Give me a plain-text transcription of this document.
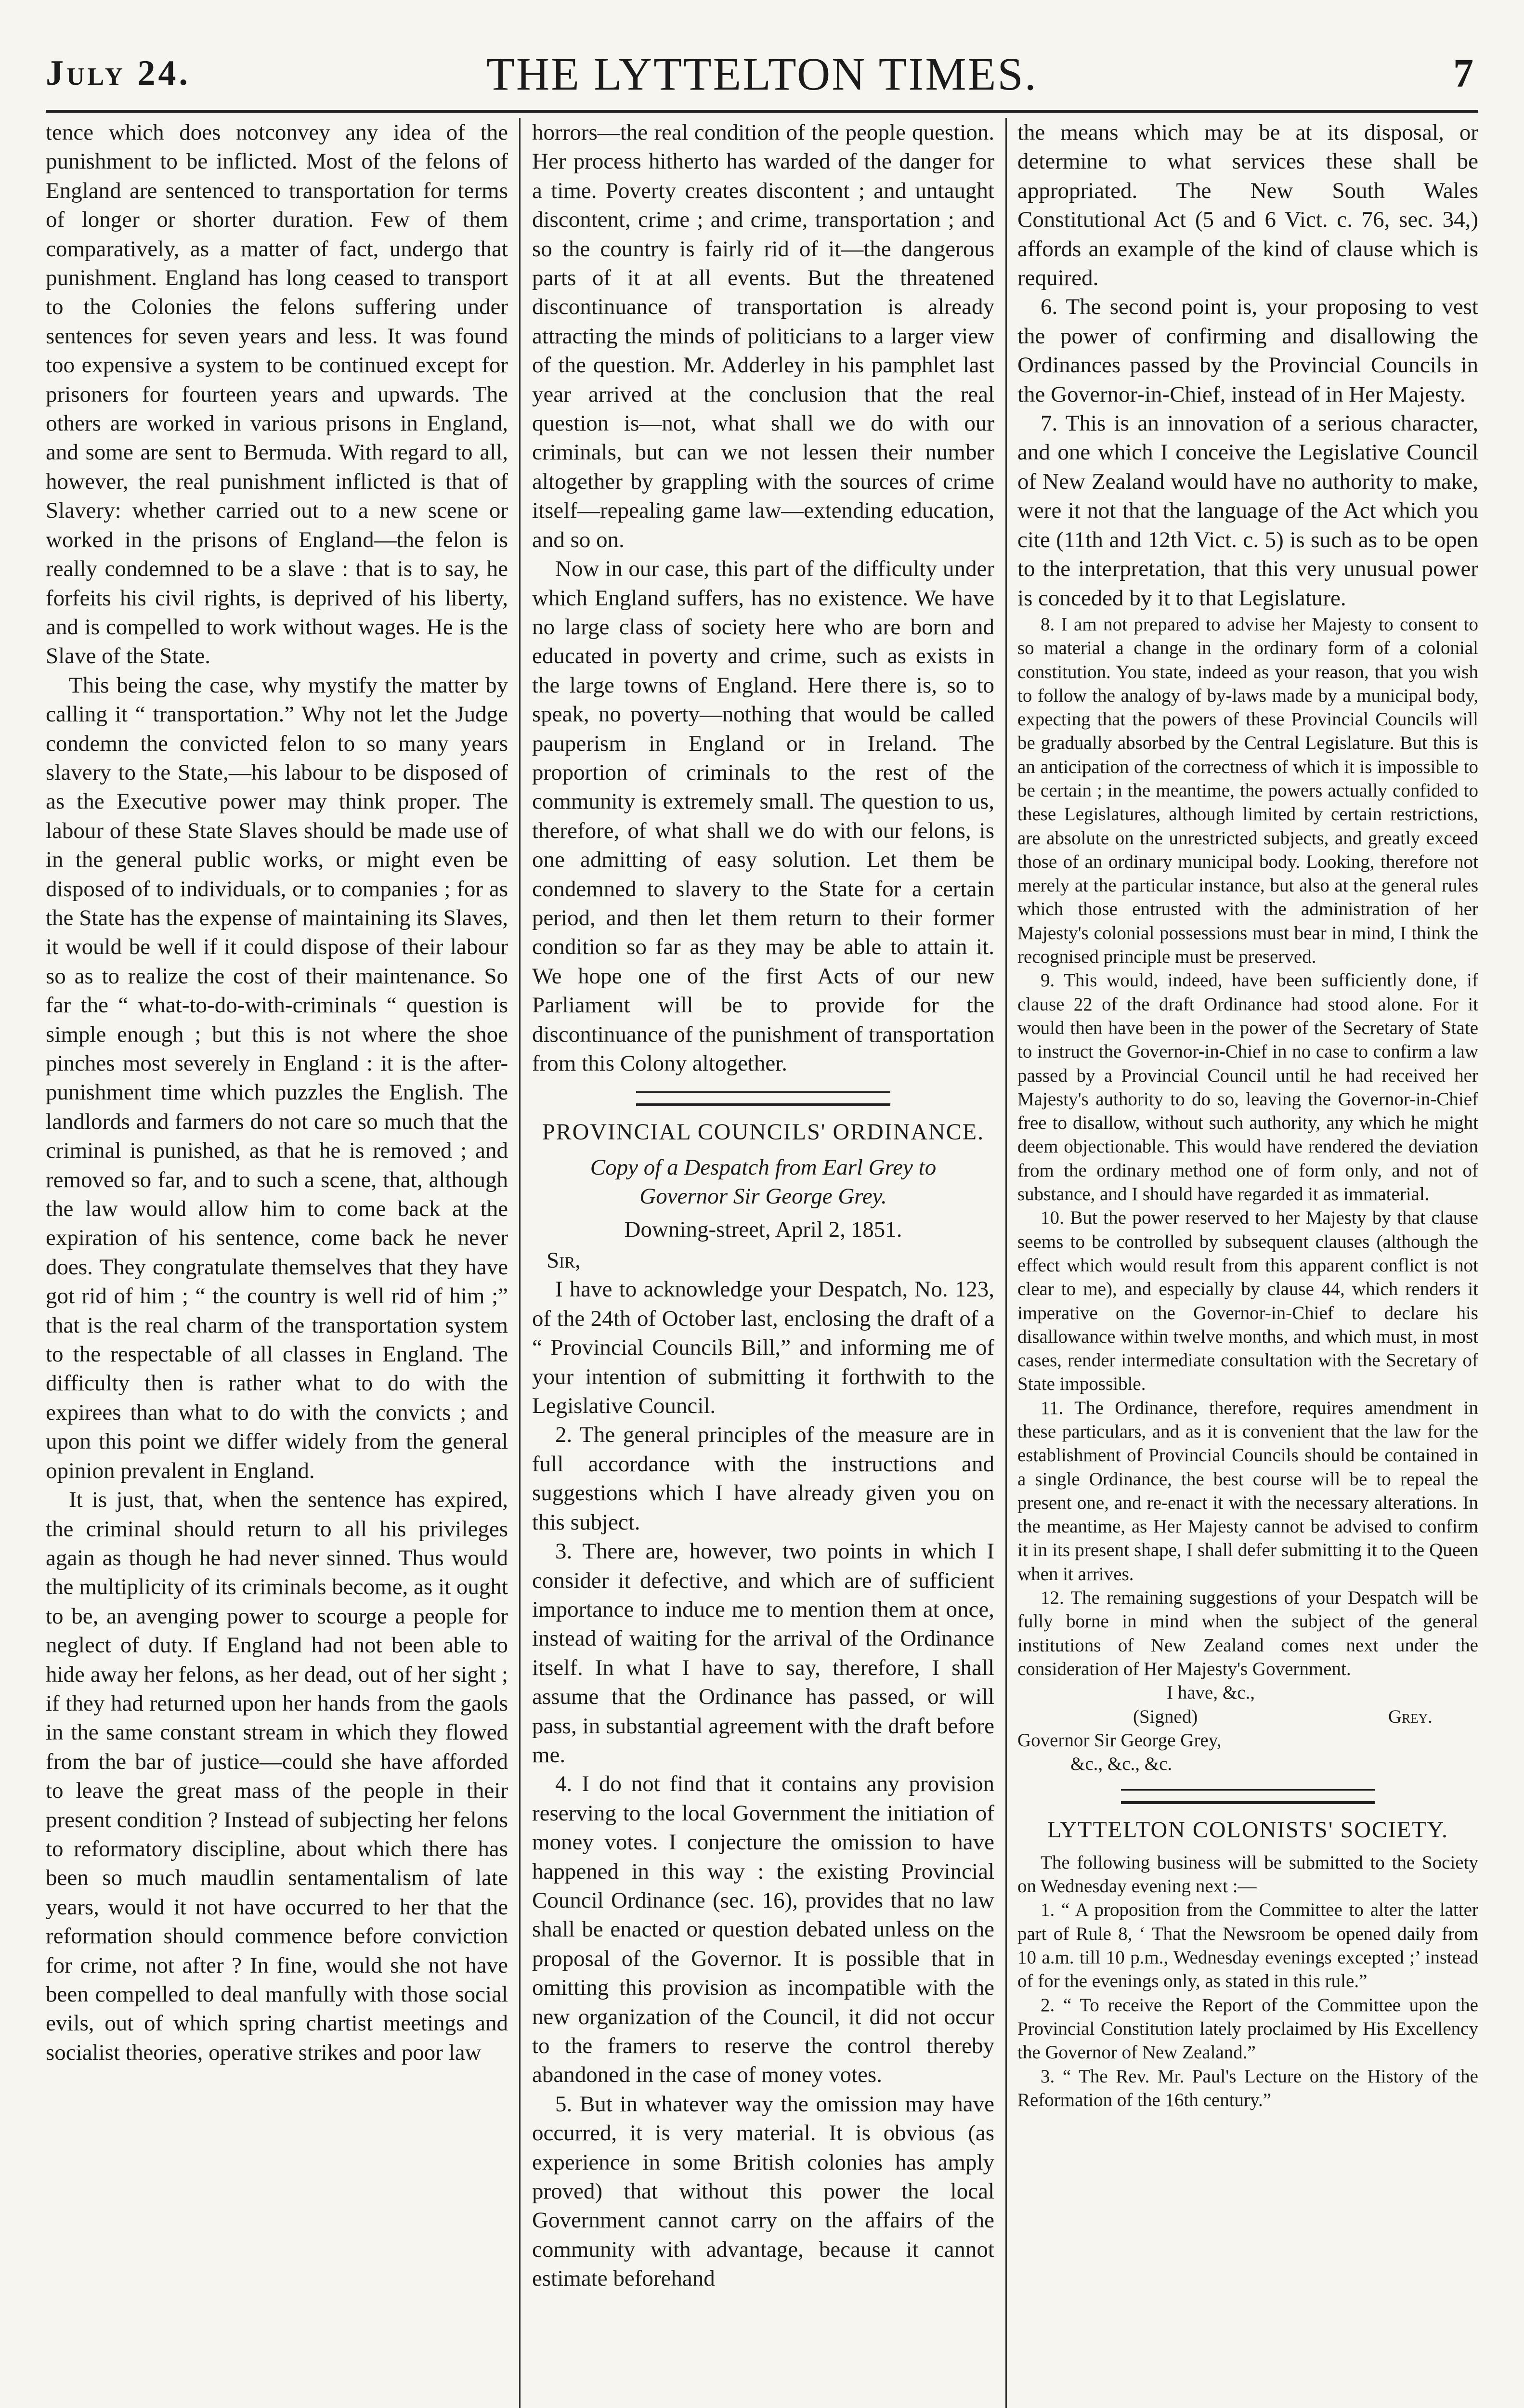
July 24.	THE LYTTELTON TIMES.	7

tence which does notconvey any idea of the punishment to be inflicted. Most of the felons of England are sentenced to transportation for terms of longer or shorter duration. Few of them comparatively, as a matter of fact, undergo that punishment. England has long ceased to transport to the Colonies the felons suffering under sentences for seven years and less. It was found too expensive a system to be continued except for prisoners for fourteen years and upwards. The others are worked in various prisons in England, and some are sent to Bermuda. With regard to all, however, the real punishment inflicted is that of Slavery: whether carried out to a new scene or worked in the prisons of England—the felon is really condemned to be a slave : that is to say, he forfeits his civil rights, is deprived of his liberty, and is compelled to work without wages. He is the Slave of the State.

This being the case, why mystify the matter by calling it “ transportation.” Why not let the Judge condemn the convicted felon to so many years slavery to the State,—his labour to be disposed of as the Executive power may think proper. The labour of these State Slaves should be made use of in the general public works, or might even be disposed of to individuals, or to companies ; for as the State has the expense of maintaining its Slaves, it would be well if it could dispose of their labour so as to realize the cost of their maintenance. So far the “ what-to-do-with-criminals “ question is simple enough ; but this is not where the shoe pinches most severely in England : it is the after-punishment time which puzzles the English. The landlords and farmers do not care so much that the criminal is punished, as that he is removed ; and removed so far, and to such a scene, that, although the law would allow him to come back at the expiration of his sentence, come back he never does. They congratulate themselves that they have got rid of him ; “ the country is well rid of him ;” that is the real charm of the transportation system to the respectable of all classes in England. The difficulty then is rather what to do with the expirees than what to do with the convicts ; and upon this point we differ widely from the general opinion prevalent in England.

It is just, that, when the sentence has expired, the criminal should return to all his privileges again as though he had never sinned. Thus would the multiplicity of its criminals become, as it ought to be, an avenging power to scourge a people for neglect of duty. If England had not been able to hide away her felons, as her dead, out of her sight ; if they had returned upon her hands from the gaols in the same constant stream in which they flowed from the bar of justice—could she have afforded to leave the great mass of the people in their present condition ? Instead of subjecting her felons to reformatory discipline, about which there has been so much maudlin sentamentalism of late years, would it not have occurred to her that the reformation should commence before conviction for crime, not after ? In fine, would she not have been compelled to deal manfully with those social evils, out of which spring chartist meetings and socialist theories, operative strikes and poor law

horrors—the real condition of the people question. Her process hitherto has warded of the danger for a time. Poverty creates discontent ; and untaught discontent, crime ; and crime, transportation ; and so the country is fairly rid of it—the dangerous parts of it at all events. But the threatened discontinuance of transportation is already attracting the minds of politicians to a larger view of the question. Mr. Adderley in his pamphlet last year arrived at the conclusion that the real question is—not, what shall we do with our criminals, but can we not lessen their number altogether by grappling with the sources of crime itself—repealing game law—extending education, and so on.

Now in our case, this part of the difficulty under which England suffers, has no existence. We have no large class of society here who are born and educated in poverty and crime, such as exists in the large towns of England. Here there is, so to speak, no poverty—nothing that would be called pauperism in England or in Ireland. The proportion of criminals to the rest of the community is extremely small. The question to us, therefore, of what shall we do with our felons, is one admitting of easy solution. Let them be condemned to slavery to the State for a certain period, and then let them return to their former condition so far as they may be able to attain it. We hope one of the first Acts of our new Parliament will be to provide for the discontinuance of the punishment of transportation from this Colony altogether.

PROVINCIAL COUNCILS' ORDINANCE.

Copy of a Despatch from Earl Grey to Governor Sir George Grey.

Downing-street, April 2, 1851.

Sir,

I have to acknowledge your Despatch, No. 123, of the 24th of October last, enclosing the draft of a “ Provincial Councils Bill,” and informing me of your intention of submitting it forthwith to the Legislative Council.

2. The general principles of the measure are in full accordance with the instructions and suggestions which I have already given you on this subject.

3. There are, however, two points in which I consider it defective, and which are of sufficient importance to induce me to mention them at once, instead of waiting for the arrival of the Ordinance itself. In what I have to say, therefore, I shall assume that the Ordinance has passed, or will pass, in substantial agreement with the draft before me.

4. I do not find that it contains any provision reserving to the local Government the initiation of money votes. I conjecture the omission to have happened in this way : the existing Provincial Council Ordinance (sec. 16), provides that no law shall be enacted or question debated unless on the proposal of the Governor. It is possible that in omitting this provision as incompatible with the new organization of the Council, it did not occur to the framers to reserve the control thereby abandoned in the case of money votes.

5. But in whatever way the omission may have occurred, it is very material. It is obvious (as experience in some British colonies has amply proved) that without this power the local Government cannot carry on the affairs of the community with advantage, because it cannot estimate beforehand

the means which may be at its disposal, or determine to what services these shall be appropriated. The New South Wales Constitutional Act (5 and 6 Vict. c. 76, sec. 34,) affords an example of the kind of clause which is required.

6. The second point is, your proposing to vest the power of confirming and disallowing the Ordinances passed by the Provincial Councils in the Governor-in-Chief, instead of in Her Majesty.

7. This is an innovation of a serious character, and one which I conceive the Legislative Council of New Zealand would have no authority to make, were it not that the language of the Act which you cite (11th and 12th Vict. c. 5) is such as to be open to the interpretation, that this very unusual power is conceded by it to that Legislature.

8. I am not prepared to advise her Majesty to consent to so material a change in the ordinary form of a colonial constitution. You state, indeed as your reason, that you wish to follow the analogy of by-laws made by a municipal body, expecting that the powers of these Provincial Councils will be gradually absorbed by the Central Legislature. But this is an anticipation of the correctness of which it is impossible to be certain ; in the meantime, the powers actually confided to these Legislatures, although limited by certain restrictions, are absolute on the unrestricted subjects, and greatly exceed those of an ordinary municipal body. Looking, therefore not merely at the particular instance, but also at the general rules which those entrusted with the administration of her Majesty's colonial possessions must bear in mind, I think the recognised principle must be preserved.

9. This would, indeed, have been sufficiently done, if clause 22 of the draft Ordinance had stood alone. For it would then have been in the power of the Secretary of State to instruct the Governor-in-Chief in no case to confirm a law passed by a Provincial Council until he had received her Majesty's authority to do so, leaving the Governor-in-Chief free to disallow, without such authority, any which he might deem objectionable. This would have rendered the deviation from the ordinary method one of form only, and not of substance, and I should have regarded it as immaterial.

10. But the power reserved to her Majesty by that clause seems to be controlled by subsequent clauses (although the effect which would result from this apparent conflict is not clear to me), and especially by clause 44, which renders it imperative on the Governor-in-Chief to declare his disallowance within twelve months, and which must, in most cases, render intermediate consultation with the Secretary of State impossible.

11. The Ordinance, therefore, requires amendment in these particulars, and as it is convenient that the law for the establishment of Provincial Councils should be contained in a single Ordinance, the best course will be to repeal the present one, and re-enact it with the necessary alterations. In the meantime, as Her Majesty cannot be advised to confirm it in its present shape, I shall defer submitting it to the Queen when it arrives.

12. The remaining suggestions of your Despatch will be fully borne in mind when the subject of the general institutions of New Zealand comes next under the consideration of Her Majesty's Government.

I have, &c.,

(Signed)	Grey.

Governor Sir George Grey,

&c., &c., &c.

LYTTELTON COLONISTS' SOCIETY.

The following business will be submitted to the Society on Wednesday evening next :—

1. “ A proposition from the Committee to alter the latter part of Rule 8, ‘ That the Newsroom be opened daily from 10 a.m. till 10 p.m., Wednesday evenings excepted ;’ instead of for the evenings only, as stated in this rule.”

2. “ To receive the Report of the Committee upon the Provincial Constitution lately proclaimed by His Excellency the Governor of New Zealand.”

3. “ The Rev. Mr. Paul's Lecture on the History of the Reformation of the 16th century.”
